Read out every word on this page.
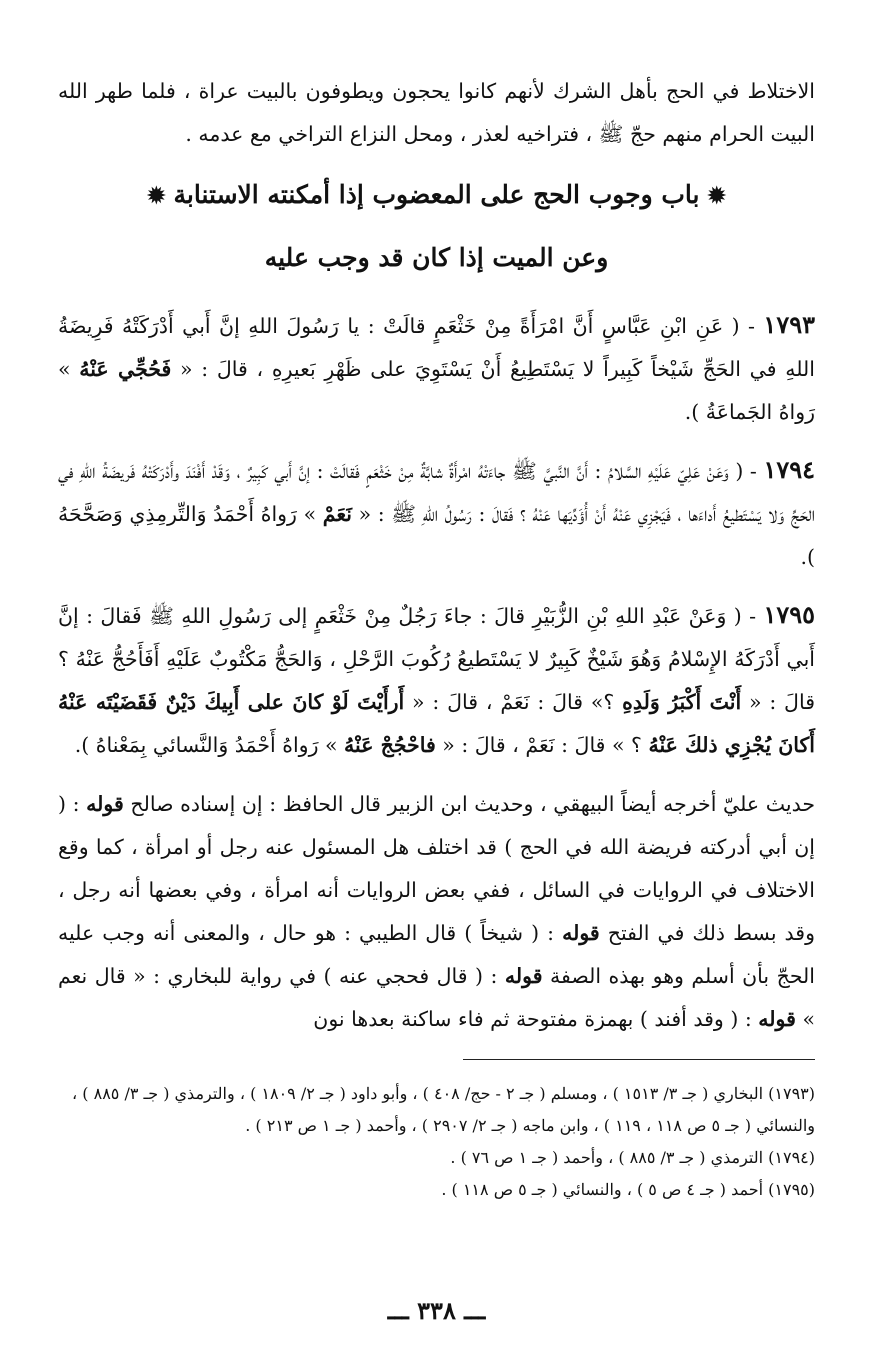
الاختلاط في الحج بأهل الشرك لأنهم كانوا يحجون ويطوفون بالبيت عراة ، فلما طهر الله البيت الحرام منهم حجّ ﷺ ، فتراخيه لعذر ، ومحل النزاع التراخي مع عدمه .

✹باب وجوب الحج على المعضوب إذا أمكنته الاستنابة✹
وعن الميت إذا كان قد وجب عليه

١٧٩٣ - ( عَنِ ابْنِ عَبَّاسٍ أَنَّ امْرَأَةً مِنْ خَثْعَمٍ قالَتْ : يا رَسُولَ اللهِ إنَّ أَبي أَدْرَكَتْهُ فَرِيضَةُ اللهِ في الحَجِّ شَيْخاً كَبِيراً لا يَسْتَطِيعُ أَنْ يَسْتَوِيَ على ظَهْرِ بَعيرِهِ ، قالَ : « فَحُجِّي عَنْهُ » رَواهُ الجَماعَةُ ).

١٧٩٤ - ( وَعَنْ عَلِيّ عَلَيْهِ السَّلامُ : أَنَّ النَّبيَّ ﷺ جاءَتْهُ امْرأَةٌ شابَّةٌ مِنْ خَثْعَمٍ فَقالَتْ : إنَّ أَبي كَبِيرٌ ، وَقَدْ أَفْنَدَ وأَدْرَكَتْهُ فَريضَةُ اللهِ في الحَجِّ وَلا يَسْتَطيعُ أَداءَها ، فَيَجْزِي عَنْهُ أَنْ أُؤَدِّيَها عَنْهُ ؟ فَقالَ : رَسُولُ اللهِ ﷺ : « نَعَمْ » رَواهُ أَحْمَدُ وَالتِّرمِذِي وَصَحَّحَهُ ).

١٧٩٥ - ( وَعَنْ عَبْدِ اللهِ بْنِ الزُّبَيْرِ قالَ : جاءَ رَجُلٌ مِنْ خَثْعَمٍ إلى رَسُولِ اللهِ ﷺ فَقالَ : إنَّ أَبي أَدْرَكَهُ الإِسْلامُ وَهُوَ شَيْخٌ كَبِيرٌ لا يَسْتَطيعُ رُكُوبَ الرَّحْلِ ، وَالحَجُّ مَكْتُوبٌ عَلَيْهِ أَفَأَحُجُّ عَنْهُ ؟ قالَ : « أَنْتَ أَكْبَرُ وَلَدِهِ ؟» قالَ : نَعَمْ ، قالَ : « أَرأَيْتَ لَوْ كانَ على أَبِيكَ دَيْنٌ فَقَضَيْتَه عَنْهُ أَكانَ يُجْزِي ذلكَ عَنْهُ ؟ » قالَ : نَعَمْ ، قالَ : « فاحْجُجْ عَنْهُ » رَواهُ أَحْمَدُ وَالنَّسائي بِمَعْناهُ ).

حديث عليّ أخرجه أيضاً البيهقي ، وحديث ابن الزبير قال الحافظ : إن إسناده صالح قوله : ( إن أبي أدركته فريضة الله في الحج ) قد اختلف هل المسئول عنه رجل أو امرأة ، كما وقع الاختلاف في الروايات في السائل ، ففي بعض الروايات أنه امرأة ، وفي بعضها أنه رجل ، وقد بسط ذلك في الفتح قوله : ( شيخاً ) قال الطيبي : هو حال ، والمعنى أنه وجب عليه الحجّ بأن أسلم وهو بهذه الصفة قوله : ( قال فحجي عنه ) في رواية للبخاري : « قال نعم » قوله : ( وقد أفند ) بهمزة مفتوحة ثم فاء ساكنة بعدها نون

(١٧٩٣) البخاري ( جـ ٣/ ١٥١٣ ) ، ومسلم ( جـ ٢ - حج/ ٤٠٨ ) ، وأبو داود ( جـ ٢/ ١٨٠٩ ) ، والترمذي ( جـ ٣/ ٨٨٥ ) ، والنسائي ( جـ ٥ ص ١١٨ ، ١١٩ ) ، وابن ماجه ( جـ ٢/ ٢٩٠٧ ) ، وأحمد ( جـ ١ ص ٢١٣ ) .

(١٧٩٤) الترمذي ( جـ ٣/ ٨٨٥ ) ، وأحمد ( جـ ١ ص ٧٦ ) .

(١٧٩٥) أحمد ( جـ ٤ ص ٥ ) ، والنسائي ( جـ ٥ ص ١١٨ ) .

ـــ ٣٣٨ ـــ
